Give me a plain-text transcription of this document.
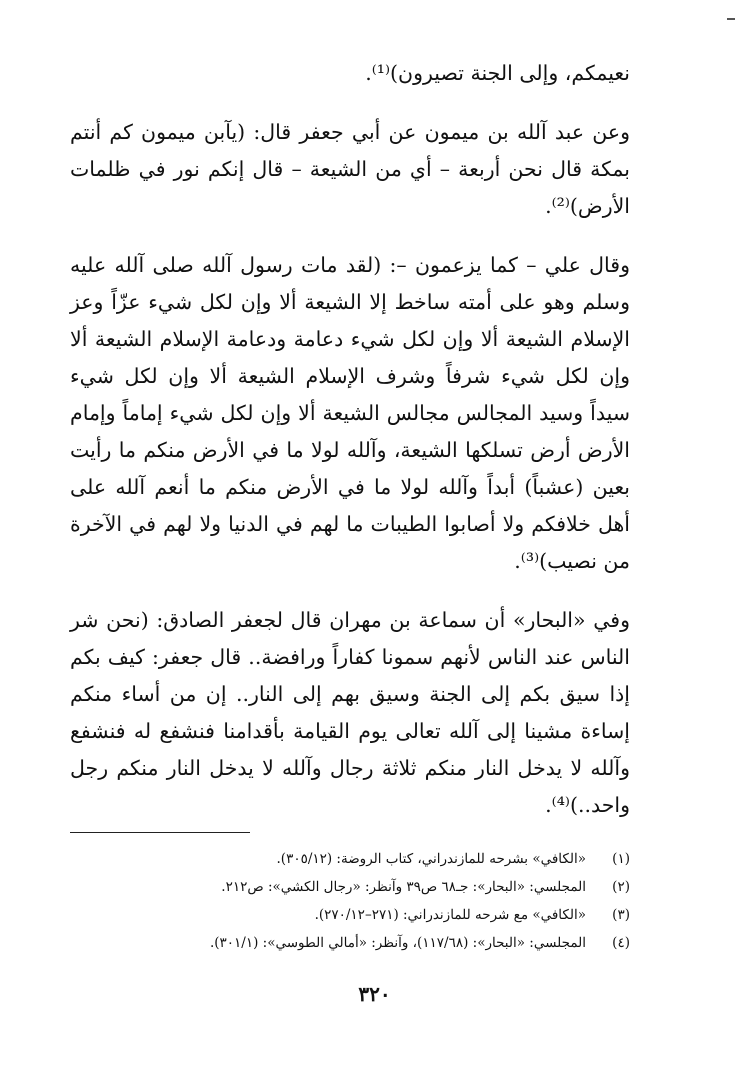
نعيمكم، وإلى الجنة تصيرون)⁽¹⁾.

وعن عبد آلله بن ميمون عن أبي جعفر قال: (يآبن ميمون كم أنتم بمكة قال نحن أربعة – أي من الشيعة – قال إنكم نور في ظلمات الأرض)⁽²⁾.

وقال علي – كما يزعمون –: (لقد مات رسول آلله صلى آلله عليه وسلم وهو على أمته ساخط إلا الشيعة ألا وإن لكل شيء عزّاً وعز الإسلام الشيعة ألا وإن لكل شيء دعامة ودعامة الإسلام الشيعة ألا وإن لكل شيء شرفاً وشرف الإسلام الشيعة ألا وإن لكل شيء سيداً وسيد المجالس مجالس الشيعة ألا وإن لكل شيء إماماً وإمام الأرض أرض تسلكها الشيعة، وآلله لولا ما في الأرض منكم ما رأيت بعين (عشباً) أبداً وآلله لولا ما في الأرض منكم ما أنعم آلله على أهل خلافكم ولا أصابوا الطيبات ما لهم في الدنيا ولا لهم في الآخرة من نصيب)⁽³⁾.

وفي «البحار» أن سماعة بن مهران قال لجعفر الصادق: (نحن شر الناس عند الناس لأنهم سمونا كفاراً ورافضة.. قال جعفر: كيف بكم إذا سيق بكم إلى الجنة وسيق بهم إلى النار.. إن من أساء منكم إساءة مشينا إلى آلله تعالى يوم القيامة بأقدامنا فنشفع له فنشفع وآلله لا يدخل النار منكم ثلاثة رجال وآلله لا يدخل النار منكم رجل واحد..)⁽⁴⁾.

(١)
«الكافي» بشرحه للمازندراني، كتاب الروضة: (٣٠٥/١٢).
(٢)
المجلسي: «البحار»: جـ٦٨ ص٣٩ وآنظر: «رجال الكشي»: ص٢١٢.
(٣)
«الكافي» مع شرحه للمازندراني: (٢٧١–٢٧٠/١٢).
(٤)
المجلسي: «البحار»: (١١٧/٦٨)، وآنظر: «أمالي الطوسي»: (٣٠١/١).
٣٢٠
